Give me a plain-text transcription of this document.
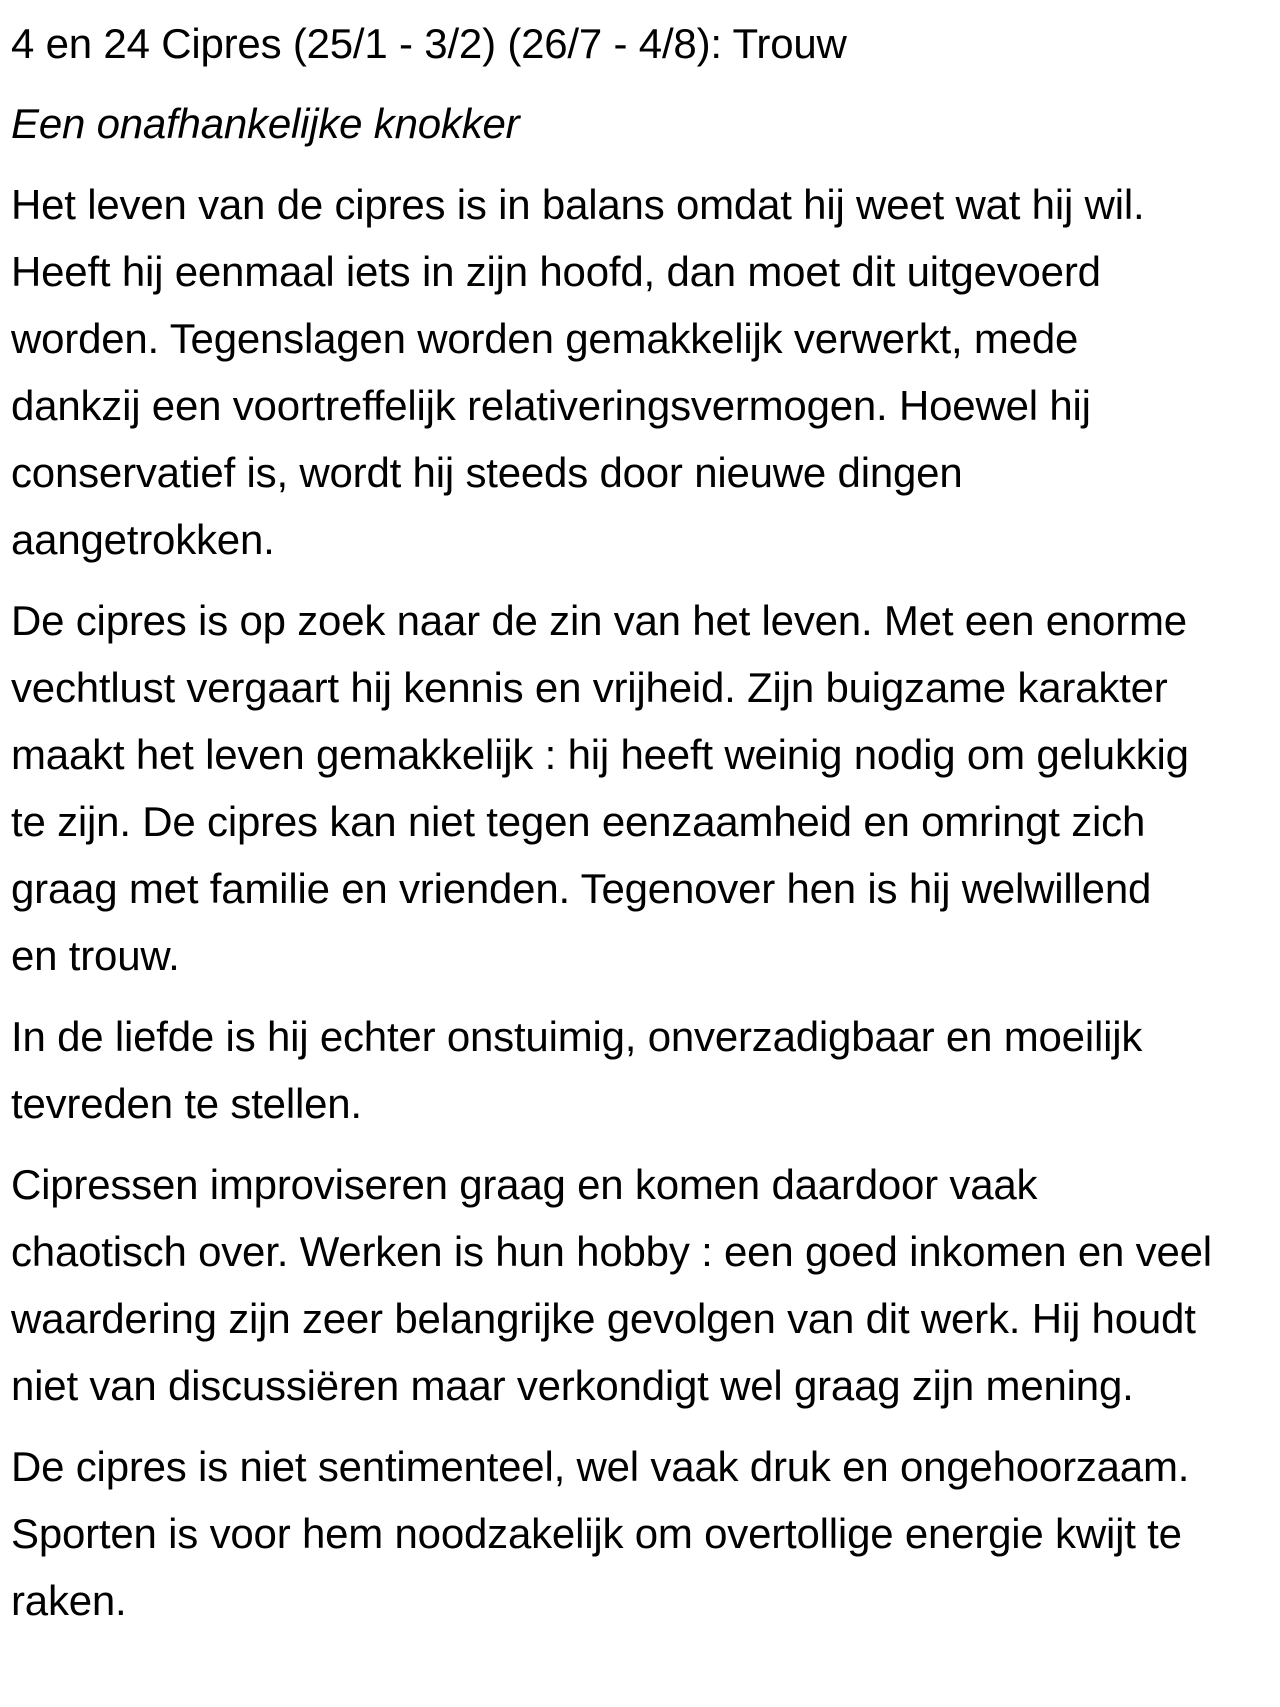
4 en 24 Cipres (25/1 - 3/2) (26/7 - 4/8): Trouw

Een onafhankelijke knokker

Het leven van de cipres is in balans omdat hij weet wat hij wil.
Heeft hij eenmaal iets in zijn hoofd, dan moet dit uitgevoerd
worden. Tegenslagen worden gemakkelijk verwerkt, mede
dankzij een voortreffelijk relativeringsvermogen. Hoewel hij
conservatief is, wordt hij steeds door nieuwe dingen
aangetrokken.

De cipres is op zoek naar de zin van het leven. Met een enorme
vechtlust vergaart hij kennis en vrijheid. Zijn buigzame karakter
maakt het leven gemakkelijk : hij heeft weinig nodig om gelukkig
te zijn. De cipres kan niet tegen eenzaamheid en omringt zich
graag met familie en vrienden. Tegenover hen is hij welwillend
en trouw.

In de liefde is hij echter onstuimig, onverzadigbaar en moeilijk
tevreden te stellen.

Cipressen improviseren graag en komen daardoor vaak
chaotisch over. Werken is hun hobby : een goed inkomen en veel
waardering zijn zeer belangrijke gevolgen van dit werk. Hij houdt
niet van discussiëren maar verkondigt wel graag zijn mening.

De cipres is niet sentimenteel, wel vaak druk en ongehoorzaam.
Sporten is voor hem noodzakelijk om overtollige energie kwijt te
raken.
